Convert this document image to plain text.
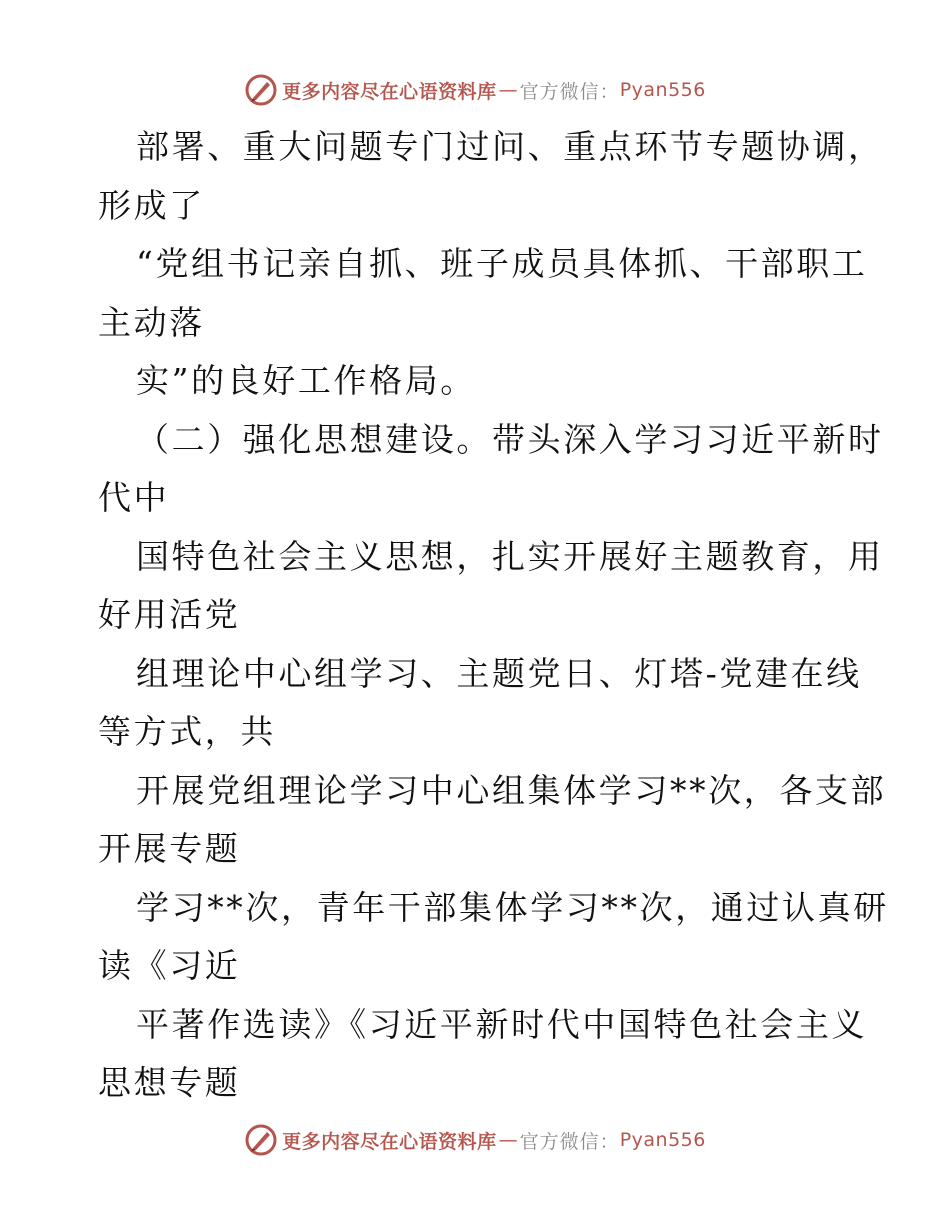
更多内容尽在心语资料库 — 官方微信： Pyan556
部署、重大问题专门过问、重点环节专题协调，
形成了
“党组书记亲自抓、班子成员具体抓、干部职工
主动落
实”的良好工作格局。
（二）强化思想建设。带头深入学习习近平新时
代中
国特色社会主义思想，扎实开展好主题教育，用
好用活党
组理论中心组学习、主题党日、灯塔-党建在线
等方式，共
开展党组理论学习中心组集体学习**次，各支部
开展专题
学习**次，青年干部集体学习**次，通过认真研
读《习近
平著作选读》《习近平新时代中国特色社会主义
思想专题
更多内容尽在心语资料库 — 官方微信： Pyan556
